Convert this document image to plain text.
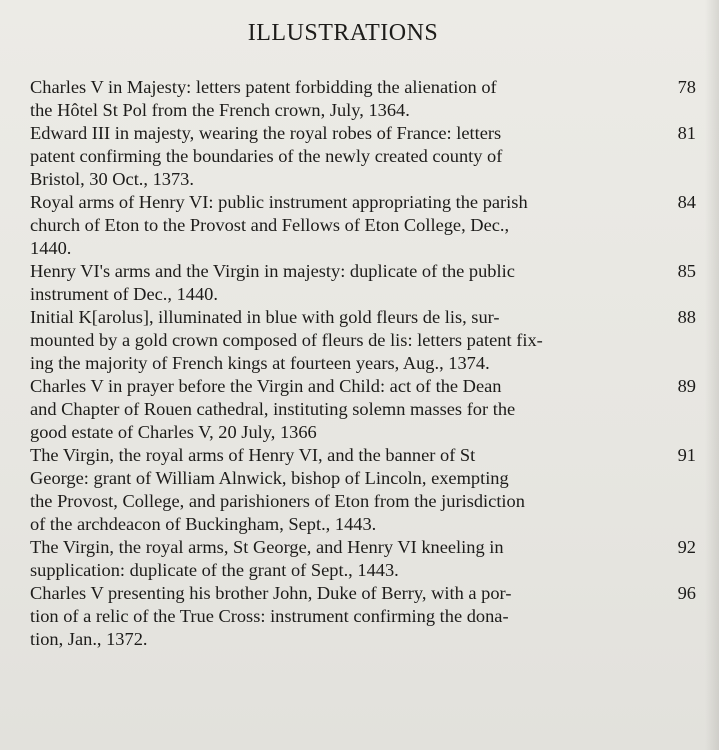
ILLUSTRATIONS
Charles V in Majesty: letters patent forbidding the alienation of
the Hôtel St Pol from the French crown, July, 1364.
78
Edward III in majesty, wearing the royal robes of France: letters
patent confirming the boundaries of the newly created county of
Bristol, 30 Oct., 1373.
81
Royal arms of Henry VI: public instrument appropriating the parish
church of Eton to the Provost and Fellows of Eton College, Dec.,
1440.
84
Henry VI's arms and the Virgin in majesty: duplicate of the public
instrument of Dec., 1440.
85
Initial K[arolus], illuminated in blue with gold fleurs de lis, sur-
mounted by a gold crown composed of fleurs de lis: letters patent fix-
ing the majority of French kings at fourteen years, Aug., 1374.
88
Charles V in prayer before the Virgin and Child: act of the Dean
and Chapter of Rouen cathedral, instituting solemn masses for the
good estate of Charles V, 20 July, 1366
89
The Virgin, the royal arms of Henry VI, and the banner of St
George: grant of William Alnwick, bishop of Lincoln, exempting
the Provost, College, and parishioners of Eton from the jurisdiction
of the archdeacon of Buckingham, Sept., 1443.
91
The Virgin, the royal arms, St George, and Henry VI kneeling in
supplication: duplicate of the grant of Sept., 1443.
92
Charles V presenting his brother John, Duke of Berry, with a por-
tion of a relic of the True Cross: instrument confirming the dona-
tion, Jan., 1372.
96
